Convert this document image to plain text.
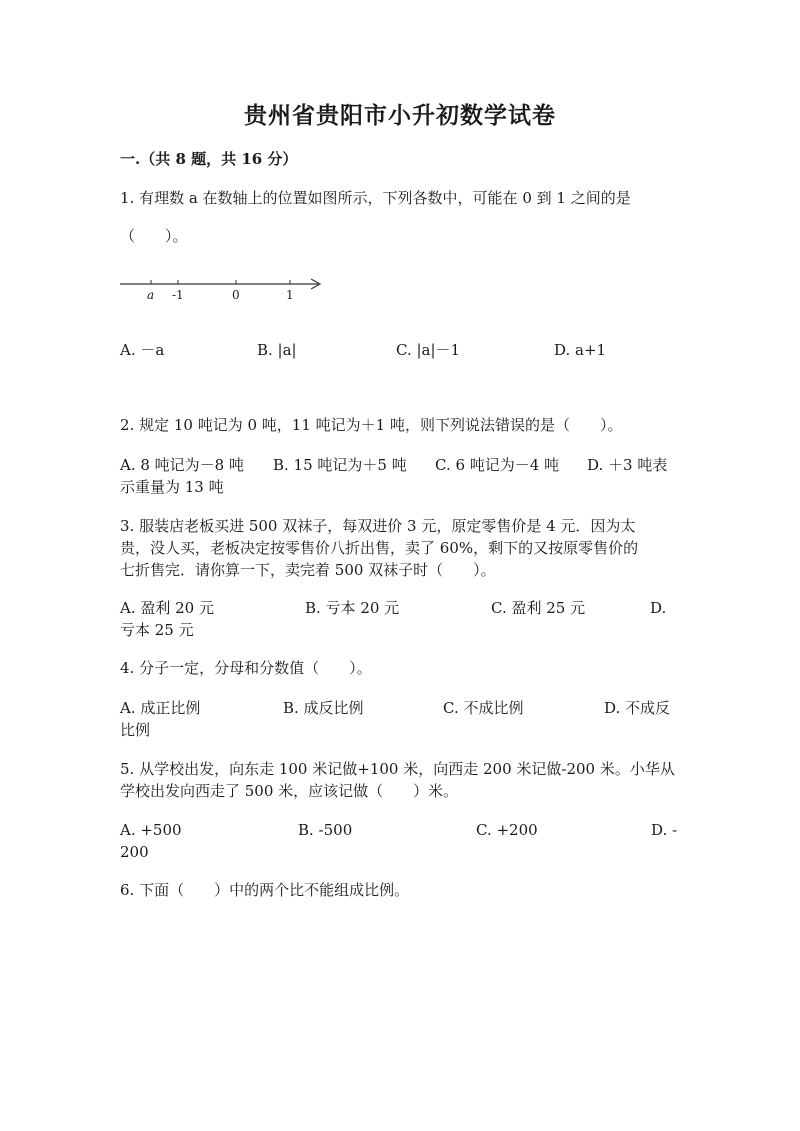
贵州省贵阳市小升初数学试卷
一.（共 8 题，共 16 分）
1. 有理数 a 在数轴上的位置如图所示，下列各数中，可能在 0 到 1 之间的是
（　　）。
a -1	0	1
A. －a	B. |a|	C. |a|－1	D. a+1
2. 规定 10 吨记为 0 吨，11 吨记为＋1 吨，则下列说法错误的是（　　）。
A. 8 吨记为－8 吨 B. 15 吨记为＋5 吨 C. 6 吨记为－4 吨 D. ＋3 吨表
示重量为 13 吨
3. 服装店老板买进 500 双袜子，每双进价 3 元，原定零售价是 4 元．因为太
贵，没人买，老板决定按零售价八折出售，卖了 60%，剩下的又按原零售价的
七折售完．请你算一下，卖完着 500 双袜子时（　　）。
A. 盈利 20 元	B. 亏本 20 元	C. 盈利 25 元	D.
亏本 25 元
4. 分子一定，分母和分数值（　　）。
A. 成正比例	B. 成反比例	C. 不成比例	D. 不成反
比例
5. 从学校出发，向东走 100 米记做+100 米，向西走 200 米记做-200 米。小华从
学校出发向西走了 500 米，应该记做（　　）米。
A. +500	B. -500	C. +200	D. -
200
6. 下面（　　）中的两个比不能组成比例。
